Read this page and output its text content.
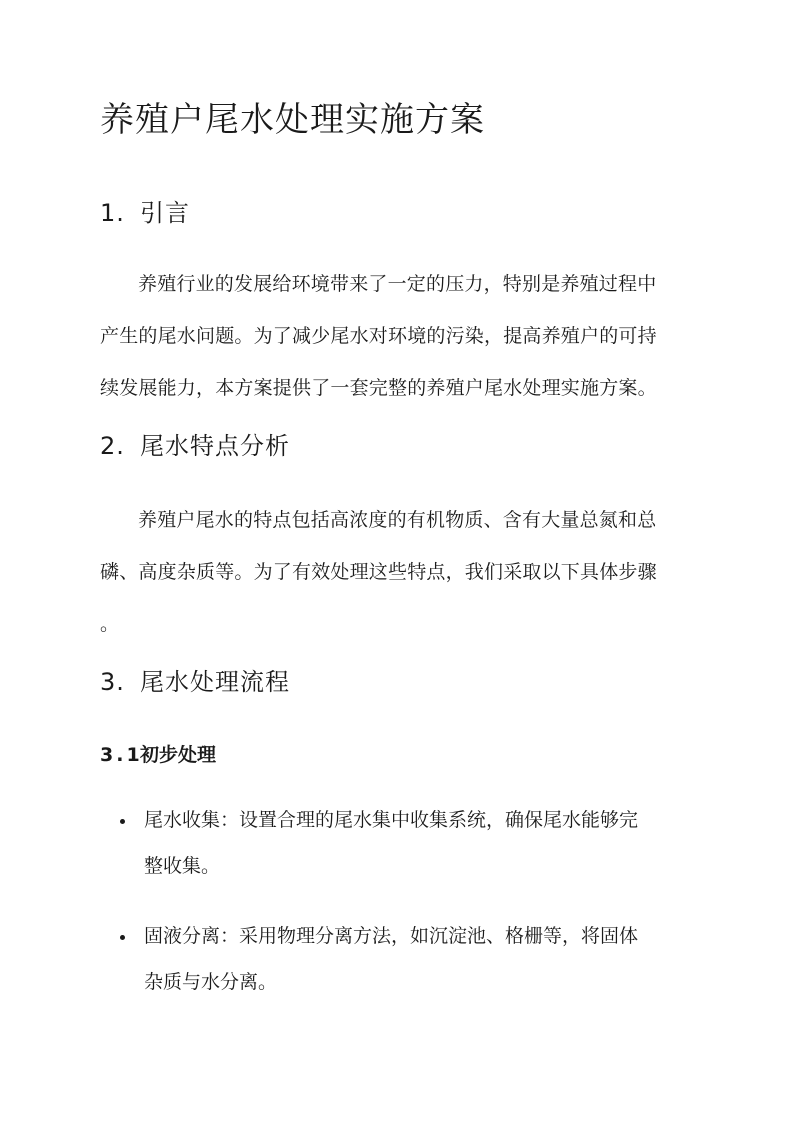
养殖户尾水处理实施方案
1. 引言
养殖行业的发展给环境带来了一定的压力，特别是养殖过程中
产生的尾水问题。为了减少尾水对环境的污染，提高养殖户的可持
续发展能力，本方案提供了一套完整的养殖户尾水处理实施方案。
2. 尾水特点分析
养殖户尾水的特点包括高浓度的有机物质、含有大量总氮和总
磷、高度杂质等。为了有效处理这些特点，我们采取以下具体步骤
。
3. 尾水处理流程
3.1初步处理
尾水收集：设置合理的尾水集中收集系统，确保尾水能够完
整收集。
固液分离：采用物理分离方法，如沉淀池、格栅等，将固体
杂质与水分离。
